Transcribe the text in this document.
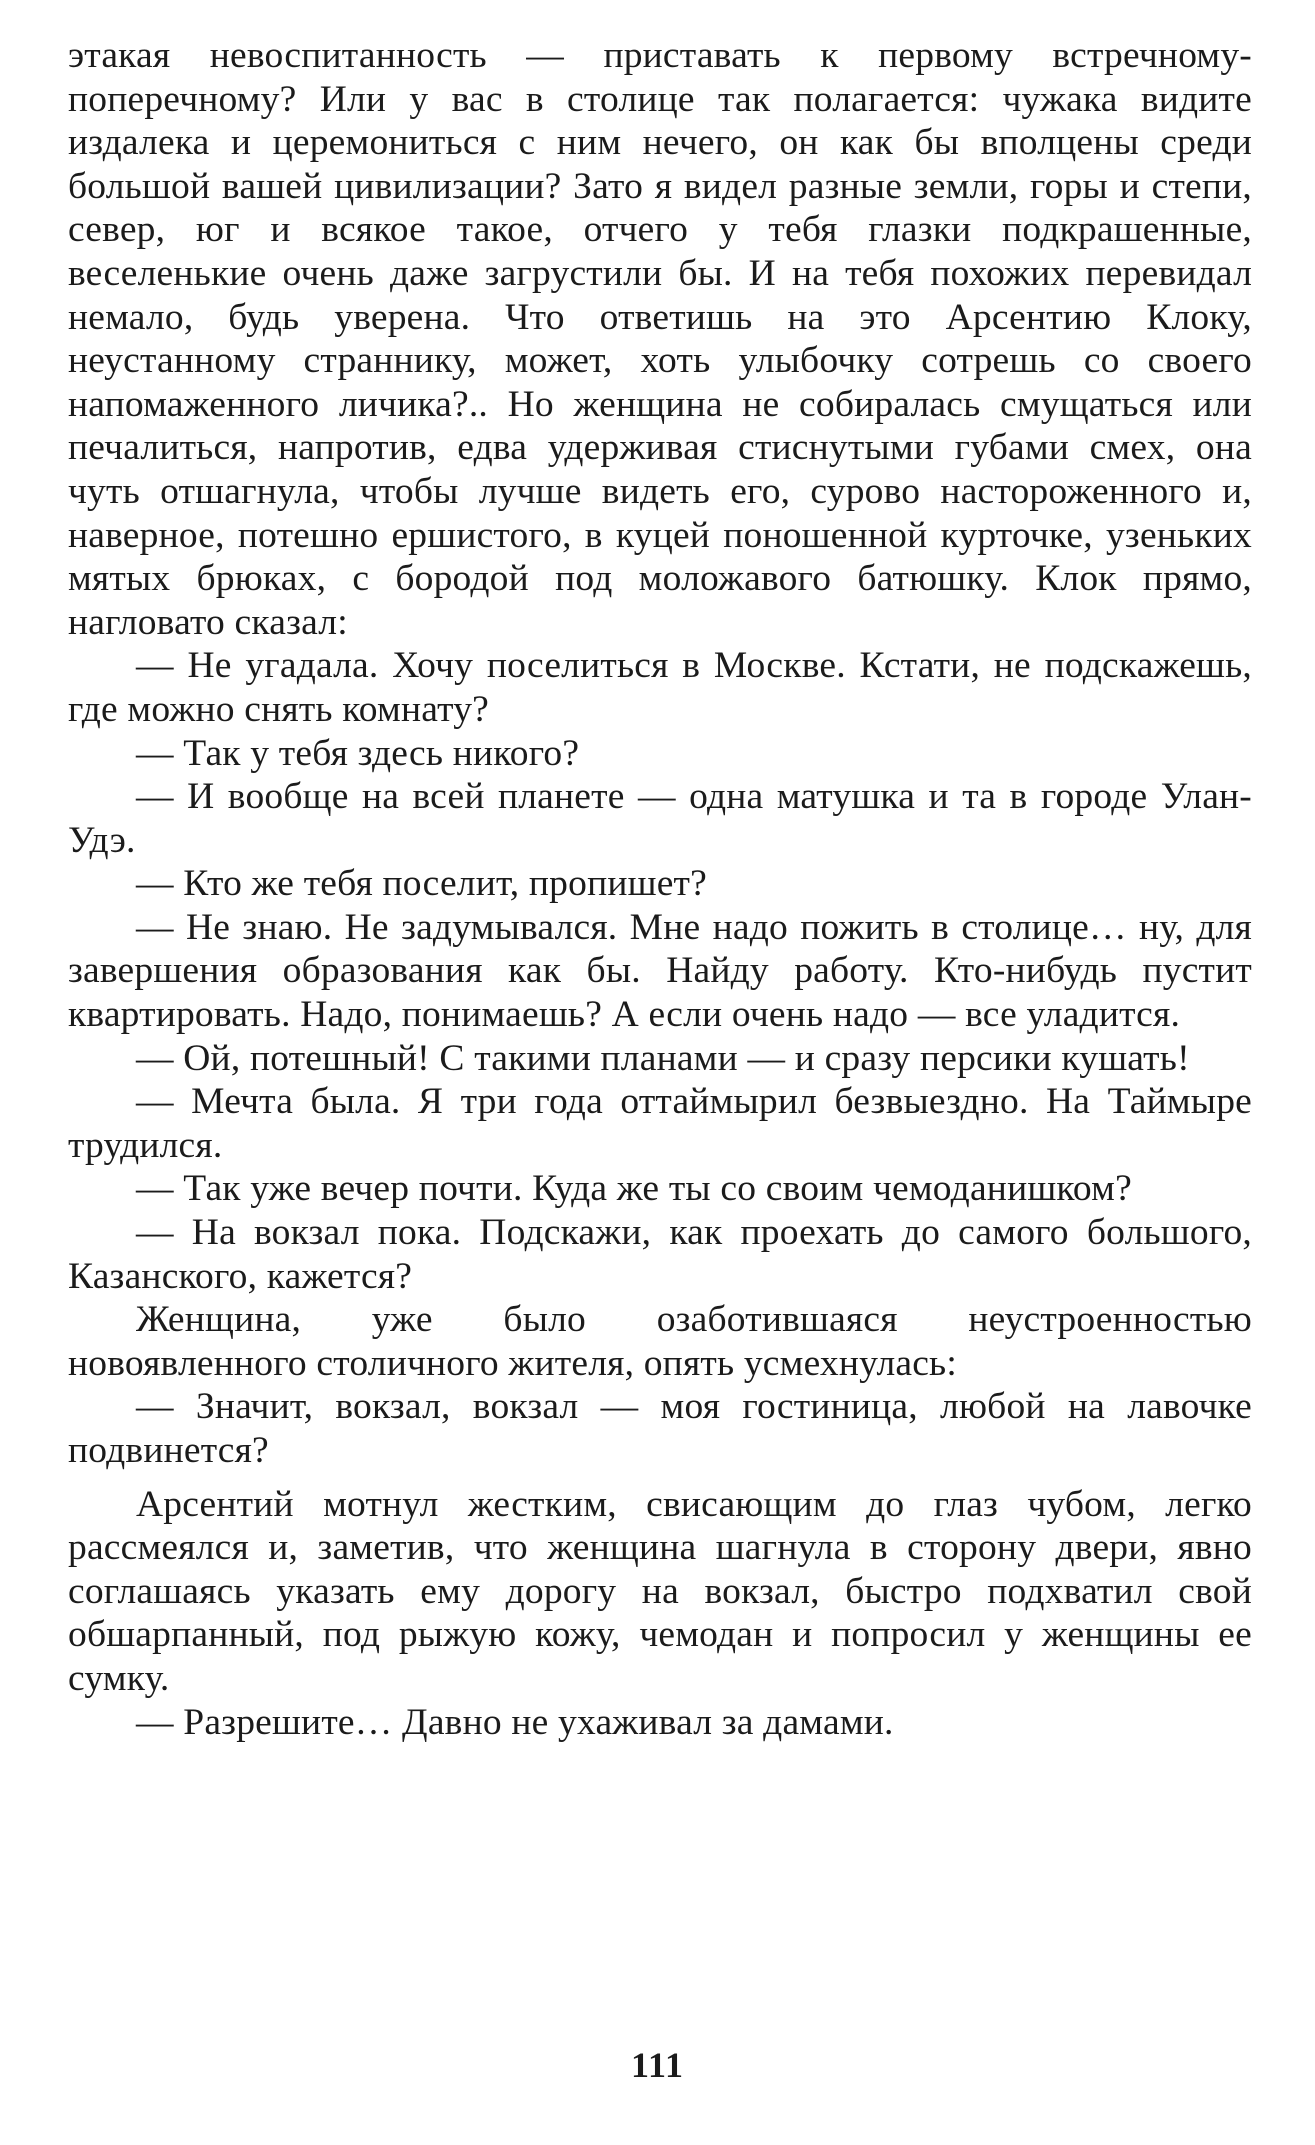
этакая невоспитанность — приставать к первому встречному-поперечному? Или у вас в столице так полагается: чужака видите издалека и церемониться с ним нечего, он как бы вполцены среди большой вашей цивилизации? Зато я видел разные земли, горы и степи, север, юг и всякое такое, отчего у тебя глазки подкрашенные, веселенькие очень даже загрустили бы. И на тебя похожих перевидал немало, будь уверена. Что ответишь на это Арсентию Клоку, неустанному страннику, может, хоть улыбочку сотрешь со своего напомаженного личика?.. Но женщина не собиралась смущаться или печалиться, напротив, едва удерживая стиснутыми губами смех, она чуть отшагнула, чтобы лучше видеть его, сурово настороженного и, наверное, потешно ершистого, в куцей поношенной курточке, узеньких мятых брюках, с бородой под моложавого батюшку. Клок прямо, нагловато сказал:

— Не угадала. Хочу поселиться в Москве. Кстати, не подскажешь, где можно снять комнату?

— Так у тебя здесь никого?

— И вообще на всей планете — одна матушка и та в городе Улан-Удэ.

— Кто же тебя поселит, пропишет?

— Не знаю. Не задумывался. Мне надо пожить в столице… ну, для завершения образования как бы. Найду работу. Кто-нибудь пустит квартировать. Надо, понимаешь? А если очень надо — все уладится.

— Ой, потешный! С такими планами — и сразу персики кушать!

— Мечта была. Я три года оттаймырил безвыездно. На Таймыре трудился.

— Так уже вечер почти. Куда же ты со своим чемоданишком?

— На вокзал пока. Подскажи, как проехать до самого большого, Казанского, кажется?

Женщина, уже было озаботившаяся неустроенностью новоявленного столичного жителя, опять усмехнулась:

— Значит, вокзал, вокзал — моя гостиница, любой на лавочке подвинется?

Арсентий мотнул жестким, свисающим до глаз чубом, легко рассмеялся и, заметив, что женщина шагнула в сторону двери, явно соглашаясь указать ему дорогу на вокзал, быстро подхватил свой обшарпанный, под рыжую кожу, чемодан и попросил у женщины ее сумку.

— Разрешите… Давно не ухаживал за дамами.

111
